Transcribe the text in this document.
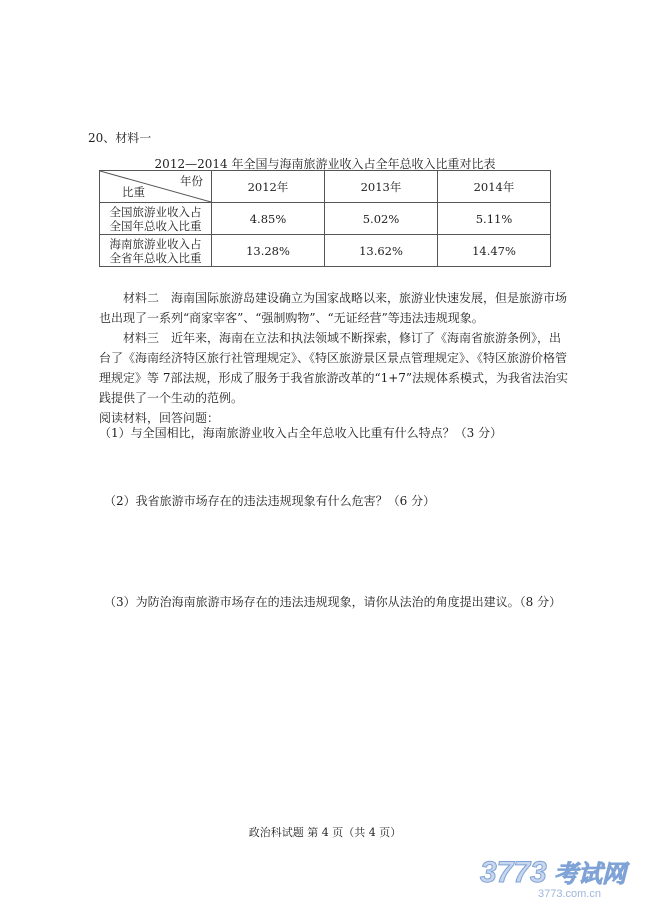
20、材料一
2012—2014 年全国与海南旅游业收入占全年总收入比重对比表
年份
比重	2012年	2013年	2014年

全国旅游业收入占
全国年总收入比重	4.85%	5.02%	5.11%

海南旅游业收入占
全省年总收入比重	13.28%	13.62%	14.47%
材料二　海南国际旅游岛建设确立为国家战略以来，旅游业快速发展，但是旅游市场也出现了一系列“商家宰客”、“强制购物”、“无证经营”等违法违规现象。
材料三　近年来，海南在立法和执法领域不断探索，修订了《海南省旅游条例》，出台了《海南经济特区旅行社管理规定》、《特区旅游景区景点管理规定》、《特区旅游价格管理规定》等 7部法规，形成了服务于我省旅游改革的“1+7”法规体系模式，为我省法治实践提供了一个生动的范例。
阅读材料，回答问题：
（1）与全国相比，海南旅游业收入占全年总收入比重有什么特点？（3 分）
（2）我省旅游市场存在的违法违规现象有什么危害？（6 分）
（3）为防治海南旅游市场存在的违法违规现象，请你从法治的角度提出建议。（8 分）
政治科试题 第 4 页（共 4 页）
3773 考试网
3773.com.cn
